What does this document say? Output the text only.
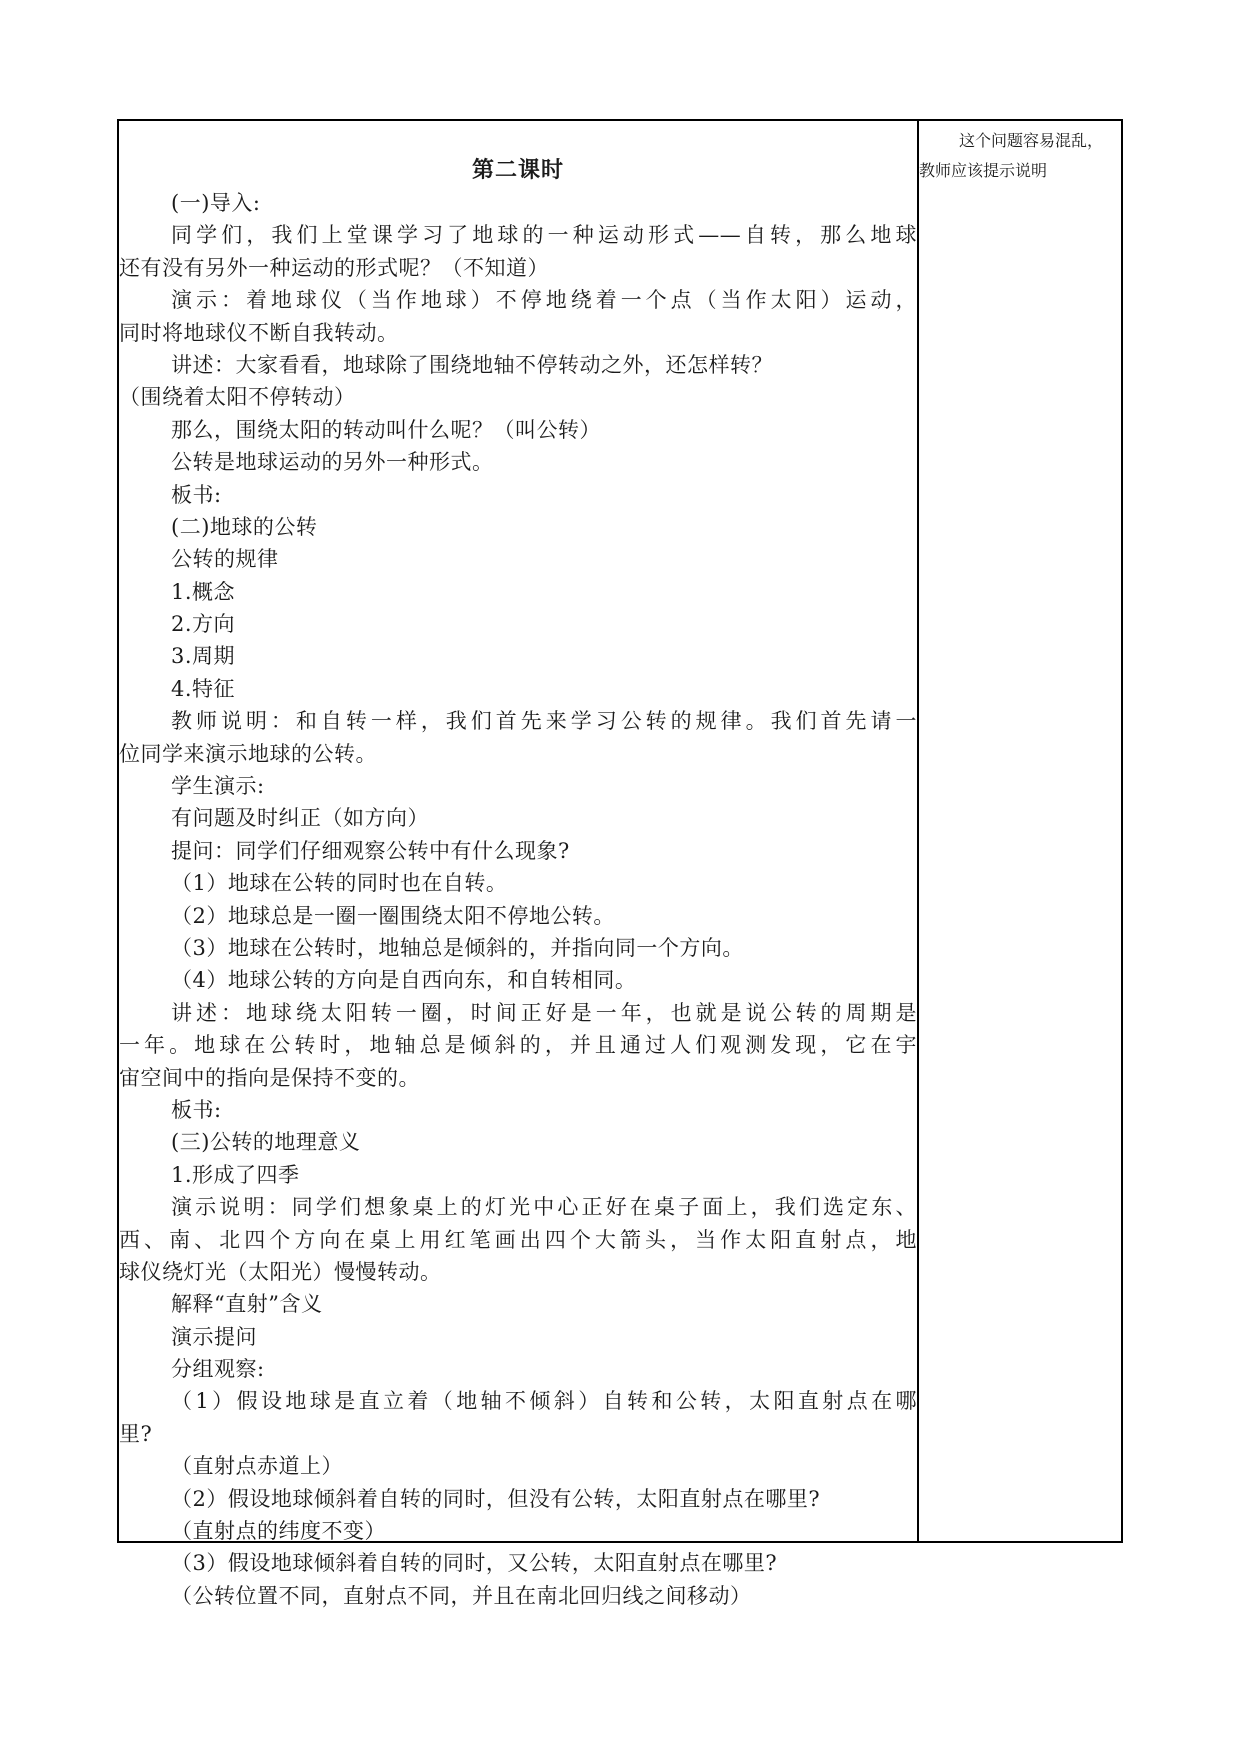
第二课时
(一)导入:
同学们，我们上堂课学习了地球的一种运动形式——自转，那么地球
还有没有另外一种运动的形式呢？（不知道）
演示：着地球仪（当作地球）不停地绕着一个点（当作太阳）运动，
同时将地球仪不断自我转动。
讲述：大家看看，地球除了围绕地轴不停转动之外，还怎样转？
（围绕着太阳不停转动）
那么，围绕太阳的转动叫什么呢？（叫公转）
公转是地球运动的另外一种形式。
板书:
(二)地球的公转
公转的规律
1.概念
2.方向
3.周期
4.特征
教师说明：和自转一样，我们首先来学习公转的规律。我们首先请一
位同学来演示地球的公转。
学生演示:
有问题及时纠正（如方向）
提问：同学们仔细观察公转中有什么现象?
（1）地球在公转的同时也在自转。
（2）地球总是一圈一圈围绕太阳不停地公转。
（3）地球在公转时，地轴总是倾斜的，并指向同一个方向。
（4）地球公转的方向是自西向东，和自转相同。
讲述：地球绕太阳转一圈，时间正好是一年，也就是说公转的周期是
一年。地球在公转时，地轴总是倾斜的，并且通过人们观测发现，它在宇
宙空间中的指向是保持不变的。
板书:
(三)公转的地理意义
1.形成了四季
演示说明：同学们想象桌上的灯光中心正好在桌子面上，我们选定东、
西、南、北四个方向在桌上用红笔画出四个大箭头，当作太阳直射点，地
球仪绕灯光（太阳光）慢慢转动。
解释“直射”含义
演示提问
分组观察:
（1）假设地球是直立着（地轴不倾斜）自转和公转，太阳直射点在哪
里?
（直射点赤道上）
（2）假设地球倾斜着自转的同时，但没有公转，太阳直射点在哪里?
（直射点的纬度不变）
（3）假设地球倾斜着自转的同时，又公转，太阳直射点在哪里?
（公转位置不同，直射点不同，并且在南北回归线之间移动）
这个问题容易混乱，
教师应该提示说明
